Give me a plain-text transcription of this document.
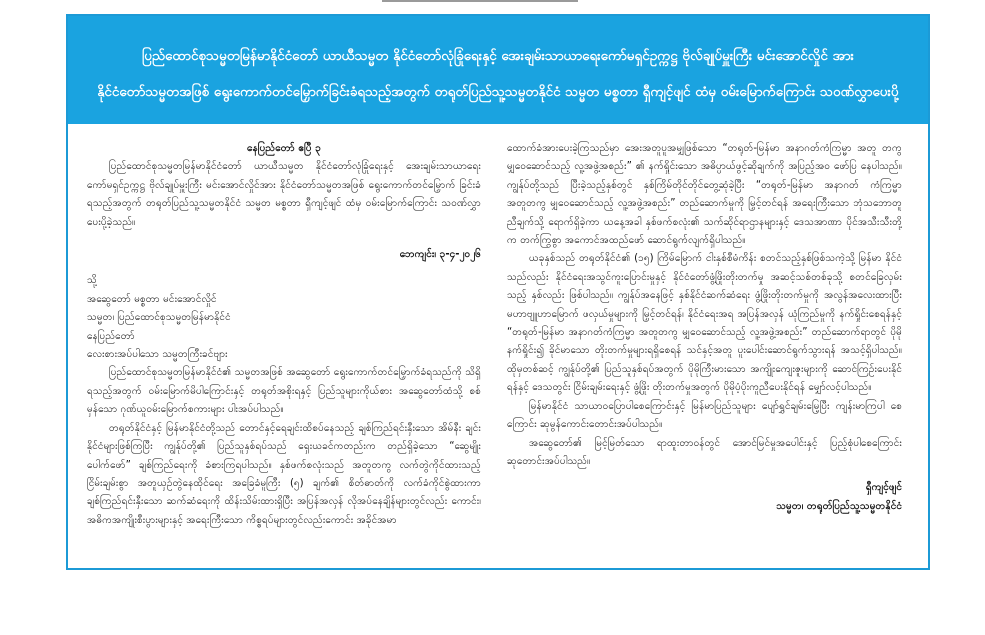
ပြည်ထောင်စုသမ္မတမြန်မာနိုင်ငံတော် ယာယီသမ္မတ နိုင်ငံတော်လုံခြုံရေးနှင့် အေးချမ်းသာယာရေးကော်မရှင်ဥက္ကဋ္ဌ ဗိုလ်ချုပ်မှူးကြီး မင်းအောင်လှိုင် အား
နိုင်ငံတော်သမ္မတအဖြစ် ရွေးကောက်တင်မြှောက်ခြင်းခံရသည့်အတွက် တရုတ်ပြည်သူ့သမ္မတနိုင်ငံ သမ္မတ မစ္စတာ ရှီကျင့်ဖျင် ထံမှ ဝမ်းမြောက်ကြောင်း သဝဏ်လွှာပေးပို့

နေပြည်တော် ဧပြီ ၃

ပြည်ထောင်စုသမ္မတမြန်မာနိုင်ငံတော် ယာယီသမ္မတ နိုင်ငံတော်လုံခြုံရေးနှင့် အေးချမ်းသာယာရေး ကော်မရှင်ဥက္ကဋ္ဌ ဗိုလ်ချုပ်မှူးကြီး မင်းအောင်လှိုင်အား နိုင်ငံတော်သမ္မတအဖြစ် ရွေးကောက်တင်မြှောက် ခြင်းခံရသည့်အတွက် တရုတ်ပြည်သူ့သမ္မတနိုင်ငံ သမ္မတ မစ္စတာ ရှီကျင့်ဖျင် ထံမှ ဝမ်းမြောက်ကြောင်း သဝဏ်လွှာပေးပို့ခဲ့သည်။

ဘေကျင်း၊ ၃-၄-၂၀၂၆

သို့

အဆွေတော် မစ္စတာ မင်းအောင်လှိုင်

သမ္မတ၊ ပြည်ထောင်စုသမ္မတမြန်မာနိုင်ငံ

နေပြည်တော်

လေးစားအပ်ပါသော သမ္မတကြီးခင်ဗျား

ပြည်ထောင်စုသမ္မတမြန်မာနိုင်ငံ၏ သမ္မတအဖြစ် အဆွေတော် ရွေးကောက်တင်မြှောက်ခံရသည်ကို သိရှိရသည့်အတွက် ဝမ်းမြောက်မိပါကြောင်းနှင့် တရုတ်အစိုးရနှင့် ပြည်သူများကိုယ်စား အဆွေတော်ထံသို့ စစ်မှန်သော ဂုဏ်ယူဝမ်းမြောက်စကားများ ပါးအပ်ပါသည်။

တရုတ်နိုင်ငံနှင့် မြန်မာနိုင်ငံတို့သည် တောင်နှင့်ရေချင်းထိစပ်နေသည့် ချစ်ကြည်ရင်းနှီးသော အိမ်နီး ချင်းနိုင်ငံများဖြစ်ကြပြီး ကျွန်ုပ်တို့၏ ပြည်သူနှစ်ရပ်သည် ရှေးယခင်ကတည်းက တည်ရှိခဲ့သော “ဆွေမျိုး ပေါက်ဖော်” ချစ်ကြည်ရေးကို ခံစားကြရပါသည်။ နှစ်ဖက်စလုံးသည် အတူတကွ လက်တွဲကိုင်ထားသည့် ငြိမ်းချမ်းစွာ အတူယှဉ်တွဲနေထိုင်ရေး အခြေခံမူကြီး (၅) ချက်၏ စိတ်ဓာတ်ကို လက်ခံကိုင်စွဲထားကာ ချစ်ကြည်ရင်းနှီးသော ဆက်ဆံရေးကို ထိန်းသိမ်းထားရှိပြီး အပြန်အလှန် လိုအပ်နေချိန်များတွင်လည်း ကောင်း၊ အဓိကအကျိုးစီးပွားများနှင့် အရေးကြီးသော ကိစ္စရပ်များတွင်လည်းကောင်း အခိုင်အမာ

ထောက်ခံအားပေးခဲ့ကြသည်မှာ အေးအတူပူအမျှဖြစ်သော “တရုတ်-မြန်မာ အနာဂတ်ကံကြမ္မာ အတူ တကွ မျှဝေဆောင်သည့် လူ့အဖွဲ့အစည်း” ၏ နက်ရှိုင်းသော အဓိပ္ပာယ်ဖွင့်ဆိုချက်ကို အပြည့်အဝ ဖော်ပြ နေပါသည်။ ကျွန်ုပ်တို့သည် ပြီးခဲ့သည့်နှစ်တွင် နှစ်ကြိမ်တိုင်တိုင်တွေ့ဆုံခဲ့ပြီး “တရုတ်-မြန်မာ အနာဂတ် ကံကြမ္မာ အတူတကွ မျှဝေဆောင်သည့် လူ့အဖွဲ့အစည်း” တည်ဆောက်မှုကို မြှင့်တင်ရန် အရေးကြီးသော ဘုံသဘောတူညီချက်သို့ ရောက်ရှိခဲ့ကာ ယနေ့အခါ နှစ်ဖက်စလုံး၏ သက်ဆိုင်ရာဌာနများနှင့် ဒေသအာဏာ ပိုင်အသီးသီးတို့က တက်ကြွစွာ အကောင်အထည်ဖော် ဆောင်ရွက်လျက်ရှိပါသည်။

ယခုနှစ်သည် တရုတ်နိုင်ငံ၏ (၁၅) ကြိမ်မြောက် ငါးနှစ်စီမံကိန်း စတင်သည့်နှစ်ဖြစ်သကဲ့သို့ မြန်မာ နိုင်ငံသည်လည်း နိုင်ငံရေးအသွင်ကူးပြောင်းမှုနှင့် နိုင်ငံတော်ဖွံ့ဖြိုးတိုးတက်မှု အဆင့်သစ်တစ်ခုသို့ စတင်ခြေလှမ်းသည့် နှစ်လည်း ဖြစ်ပါသည်။ ကျွန်ုပ်အနေဖြင့် နှစ်နိုင်ငံဆက်ဆံရေး ဖွံ့ဖြိုးတိုးတက်မှုကို အလွန်အလေးထားပြီး မဟာဗျူဟာမြောက် ဖလှယ်မှုများကို မြှင့်တင်ရန်၊ နိုင်ငံရေးအရ အပြန်အလှန် ယုံကြည်မှုကို နက်ရှိုင်းစေရန်နှင့် “တရုတ်-မြန်မာ အနာဂတ်ကံကြမ္မာ အတူတကွ မျှဝေဆောင်သည့် လူ့အဖွဲ့အစည်း” တည်ဆောက်ရာတွင် ပိုမိုနက်ရှိုင်း၍ ခိုင်မာသော တိုးတက်မှုများရရှိစေရန် သင်နှင့်အတူ ပူးပေါင်းဆောင်ရွက်သွားရန် အသင့်ရှိပါသည်။ ထိုမှတစ်ဆင့် ကျွန်ုပ်တို့၏ ပြည်သူနှစ်ရပ်အတွက် ပိုမိုကြီးမားသော အကျိုးကျေးဇူးများကို ဆောင်ကြဉ်းပေးနိုင်ရန်နှင့် ဒေသတွင်း ငြိမ်းချမ်းရေးနှင့် ဖွံ့ဖြိုး တိုးတက်မှုအတွက် ပိုမိုပံ့ပိုးကူညီပေးနိုင်ရန် မျှော်လင့်ပါသည်။

မြန်မာနိုင်ငံ သာယာဝပြောပါစေကြောင်းနှင့် မြန်မာပြည်သူများ ပျော်ရွှင်ချမ်းမြေ့ပြီး ကျန်းမာကြပါ စေကြောင်း ဆုမွန်ကောင်းတောင်းအပ်ပါသည်။

အဆွေတော်၏ မြင့်မြတ်သော ရာထူးတာဝန်တွင် အောင်မြင်မှုအပေါင်းနှင့် ပြည့်စုံပါစေကြောင်း ဆုတောင်းအပ်ပါသည်။

ရှီကျင့်ဖျင်

သမ္မတ၊ တရုတ်ပြည်သူ့သမ္မတနိုင်ငံ
